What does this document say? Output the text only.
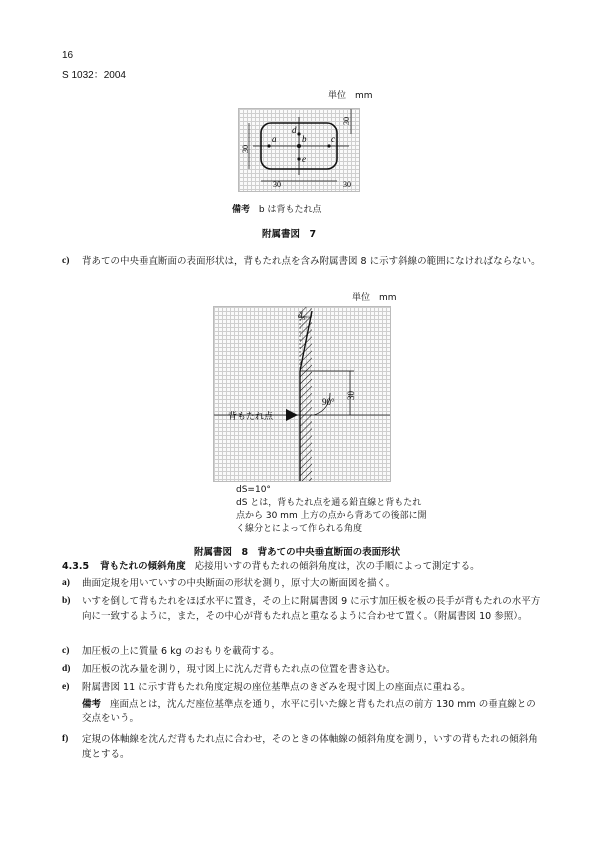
16
S 1032：2004
単位　mm
a	b	c
d
e
30
30
30	30
備考 b は背もたれ点
附属書図　7
c) 背あての中央垂直断面の表面形状は，背もたれ点を含み附属書図 8 に示す斜線の範囲になければならない。
単位　mm
$d_S$
90°
30
背もたれ点
dS=10°
dS とは，背もたれ点を通る鉛直線と背もたれ
点から 30 mm 上方の点から背あての後部に開
く線分とによって作られる角度
附属書図　8　背あての中央垂直断面の表面形状
4.3.5 背もたれの傾斜角度 応接用いすの背もたれの傾斜角度は，次の手順によって測定する。
a) 曲面定規を用いていすの中央断面の形状を測り，原寸大の断面図を描く。
b) いすを倒して背もたれをほぼ水平に置き，その上に附属書図 9 に示す加圧板を板の長手が背もたれの水平方向に一致するように，また，その中心が背もたれ点と重なるように合わせて置く。（附属書図 10 参照）。
c) 加圧板の上に質量 6 kg のおもりを載荷する。
d) 加圧板の沈み量を測り，現寸図上に沈んだ背もたれ点の位置を書き込む。
e) 附属書図 11 に示す背もたれ角度定規の座位基準点のきざみを現寸図上の座面点に重ねる。
備考 座面点とは，沈んだ座位基準点を通り，水平に引いた線と背もたれ点の前方 130 mm の垂直線との交点をいう。
f) 定規の体軸線を沈んだ背もたれ点に合わせ，そのときの体軸線の傾斜角度を測り，いすの背もたれの傾斜角度とする。
